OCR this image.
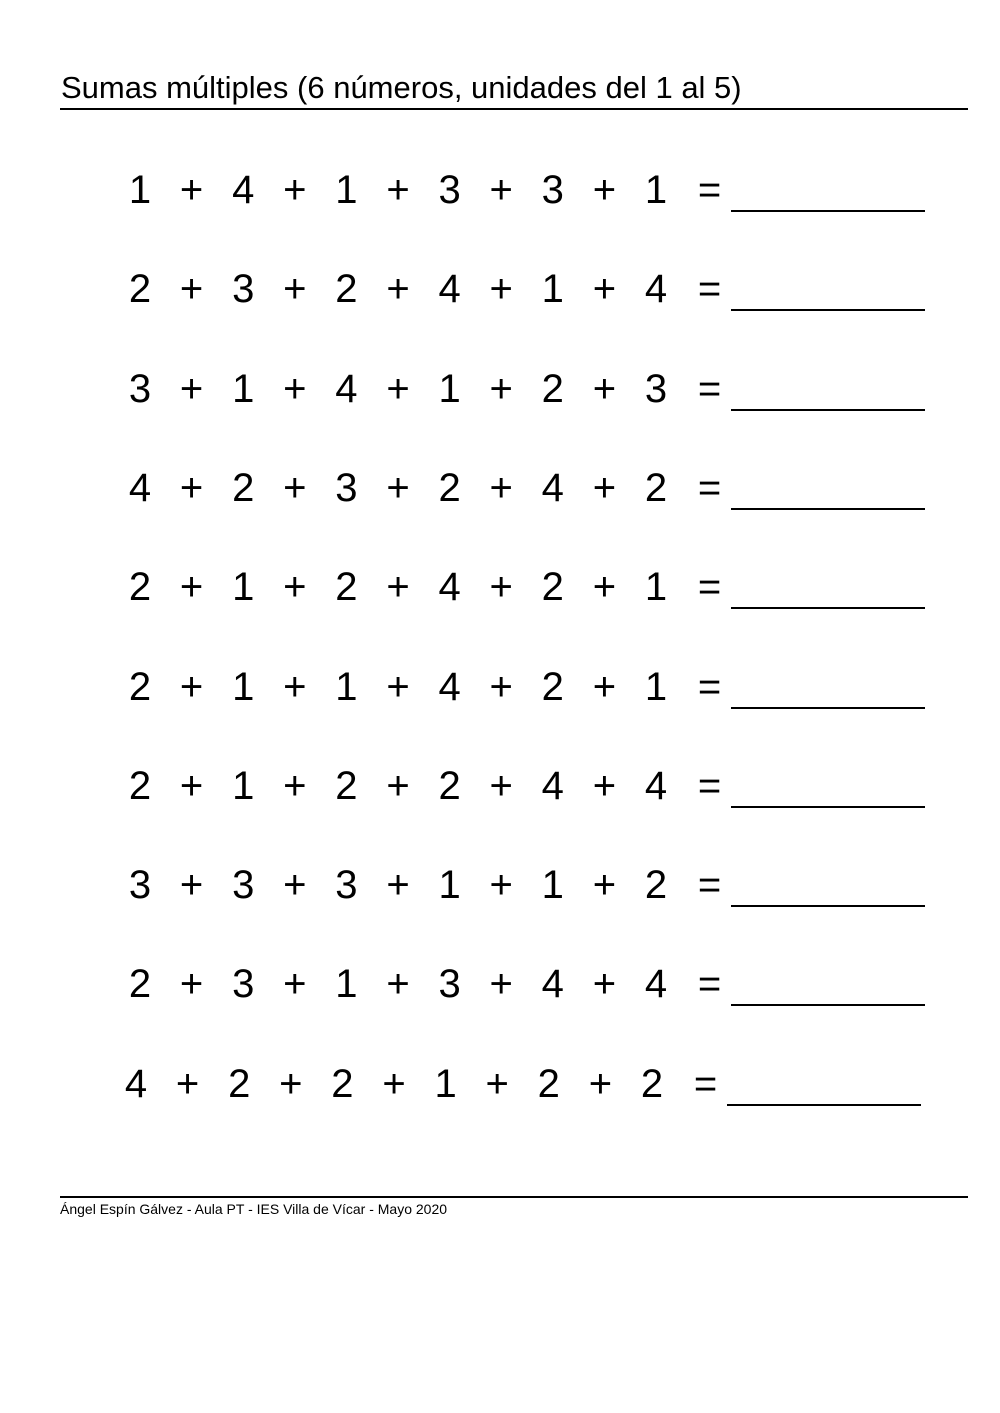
Sumas múltiples (6 números, unidades del 1 al 5)
1 + 4 + 1 + 3 + 3 + 1 =
2 + 3 + 2 + 4 + 1 + 4 =
3 + 1 + 4 + 1 + 2 + 3 =
4 + 2 + 3 + 2 + 4 + 2 =
2 + 1 + 2 + 4 + 2 + 1 =
2 + 1 + 1 + 4 + 2 + 1 =
2 + 1 + 2 + 2 + 4 + 4 =
3 + 3 + 3 + 1 + 1 + 2 =
2 + 3 + 1 + 3 + 4 + 4 =
4 + 2 + 2 + 1 + 2 + 2 =
Ángel Espín Gálvez - Aula PT - IES Villa de Vícar - Mayo 2020
